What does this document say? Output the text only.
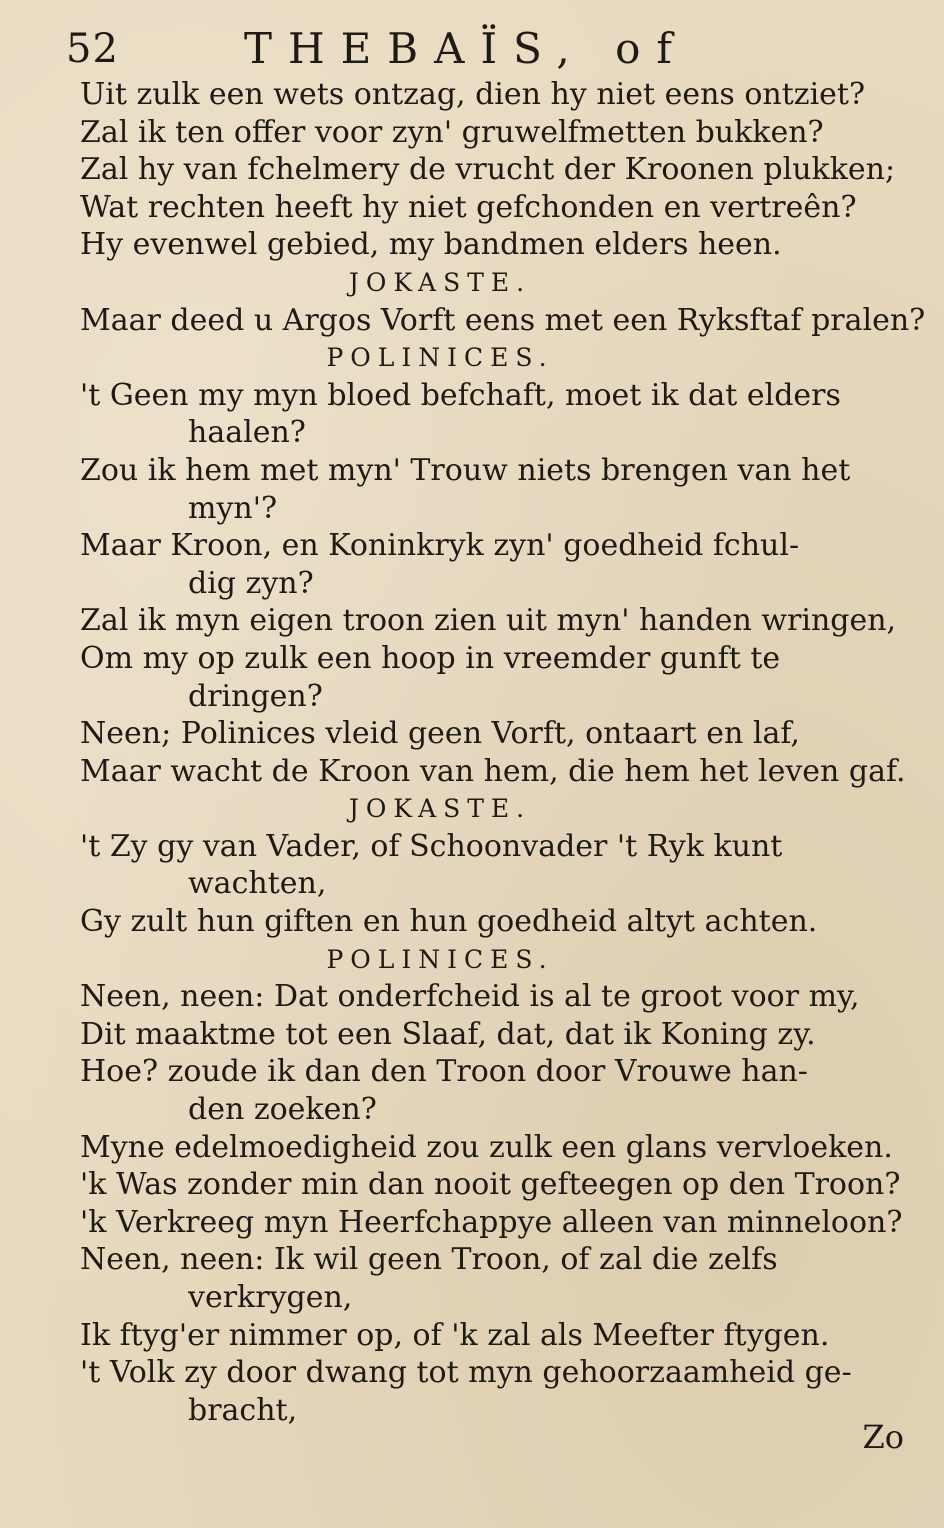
52	THEBAÏS, of
Uit zulk een wets ontzag, dien hy niet eens ontziet?
Zal ik ten offer voor zyn' gruwelfmetten bukken?
Zal hy van fchelmery de vrucht der Kroonen plukken;
Wat rechten heeft hy niet gefchonden en vertreên?
Hy evenwel gebied, my bandmen elders heen.
JOKASTE.
Maar deed u Argos Vorft eens met een Ryksftaf pralen?
POLINICES.
't Geen my myn bloed befchaft, moet ik dat elders
haalen?
Zou ik hem met myn' Trouw niets brengen van het
myn'?
Maar Kroon, en Koninkryk zyn' goedheid fchul-
dig zyn?
Zal ik myn eigen troon zien uit myn' handen wringen,
Om my op zulk een hoop in vreemder gunft te
dringen?
Neen; Polinices vleid geen Vorft, ontaart en laf,
Maar wacht de Kroon van hem, die hem het leven gaf.
JOKASTE.
't Zy gy van Vader, of Schoonvader 't Ryk kunt
wachten,
Gy zult hun giften en hun goedheid altyt achten.
POLINICES.
Neen, neen: Dat onderfcheid is al te groot voor my,
Dit maaktme tot een Slaaf, dat, dat ik Koning zy.
Hoe? zoude ik dan den Troon door Vrouwe han-
den zoeken?
Myne edelmoedigheid zou zulk een glans vervloeken.
'k Was zonder min dan nooit gefteegen op den Troon?
'k Verkreeg myn Heerfchappye alleen van minneloon?
Neen, neen: Ik wil geen Troon, of zal die zelfs
verkrygen,
Ik ftyg'er nimmer op, of 'k zal als Meefter ftygen.
't Volk zy door dwang tot myn gehoorzaamheid ge-
bracht,
Zo
